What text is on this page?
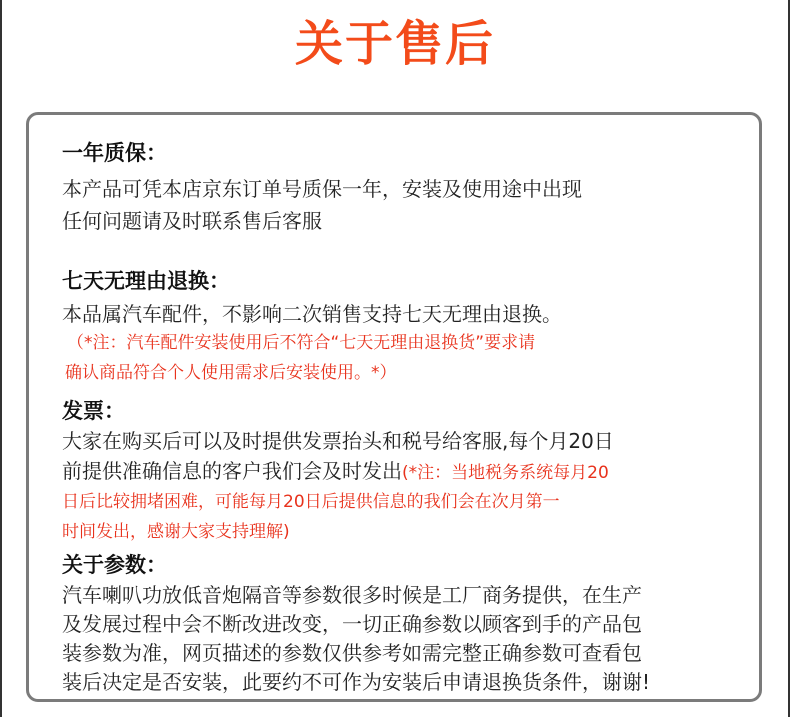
关于售后
一年质保：
本产品可凭本店京东订单号质保一年，安装及使用途中出现
任何问题请及时联系售后客服
七天无理由退换：
本品属汽车配件，不影响二次销售支持七天无理由退换。
（*注：汽车配件安装使用后不符合“七天无理由退换货”要求请
确认商品符合个人使用需求后安装使用。*）
发票：
大家在购买后可以及时提供发票抬头和税号给客服,每个月20日
前提供准确信息的客户我们会及时发出(*注：当地税务系统每月20
日后比较拥堵困难，可能每月20日后提供信息的我们会在次月第一
时间发出，感谢大家支持理解)
关于参数：
汽车喇叭功放低音炮隔音等参数很多时候是工厂商务提供，在生产
及发展过程中会不断改进改变，一切正确参数以顾客到手的产品包
装参数为准，网页描述的参数仅供参考如需完整正确参数可查看包
装后决定是否安装，此要约不可作为安装后申请退换货条件，谢谢!
